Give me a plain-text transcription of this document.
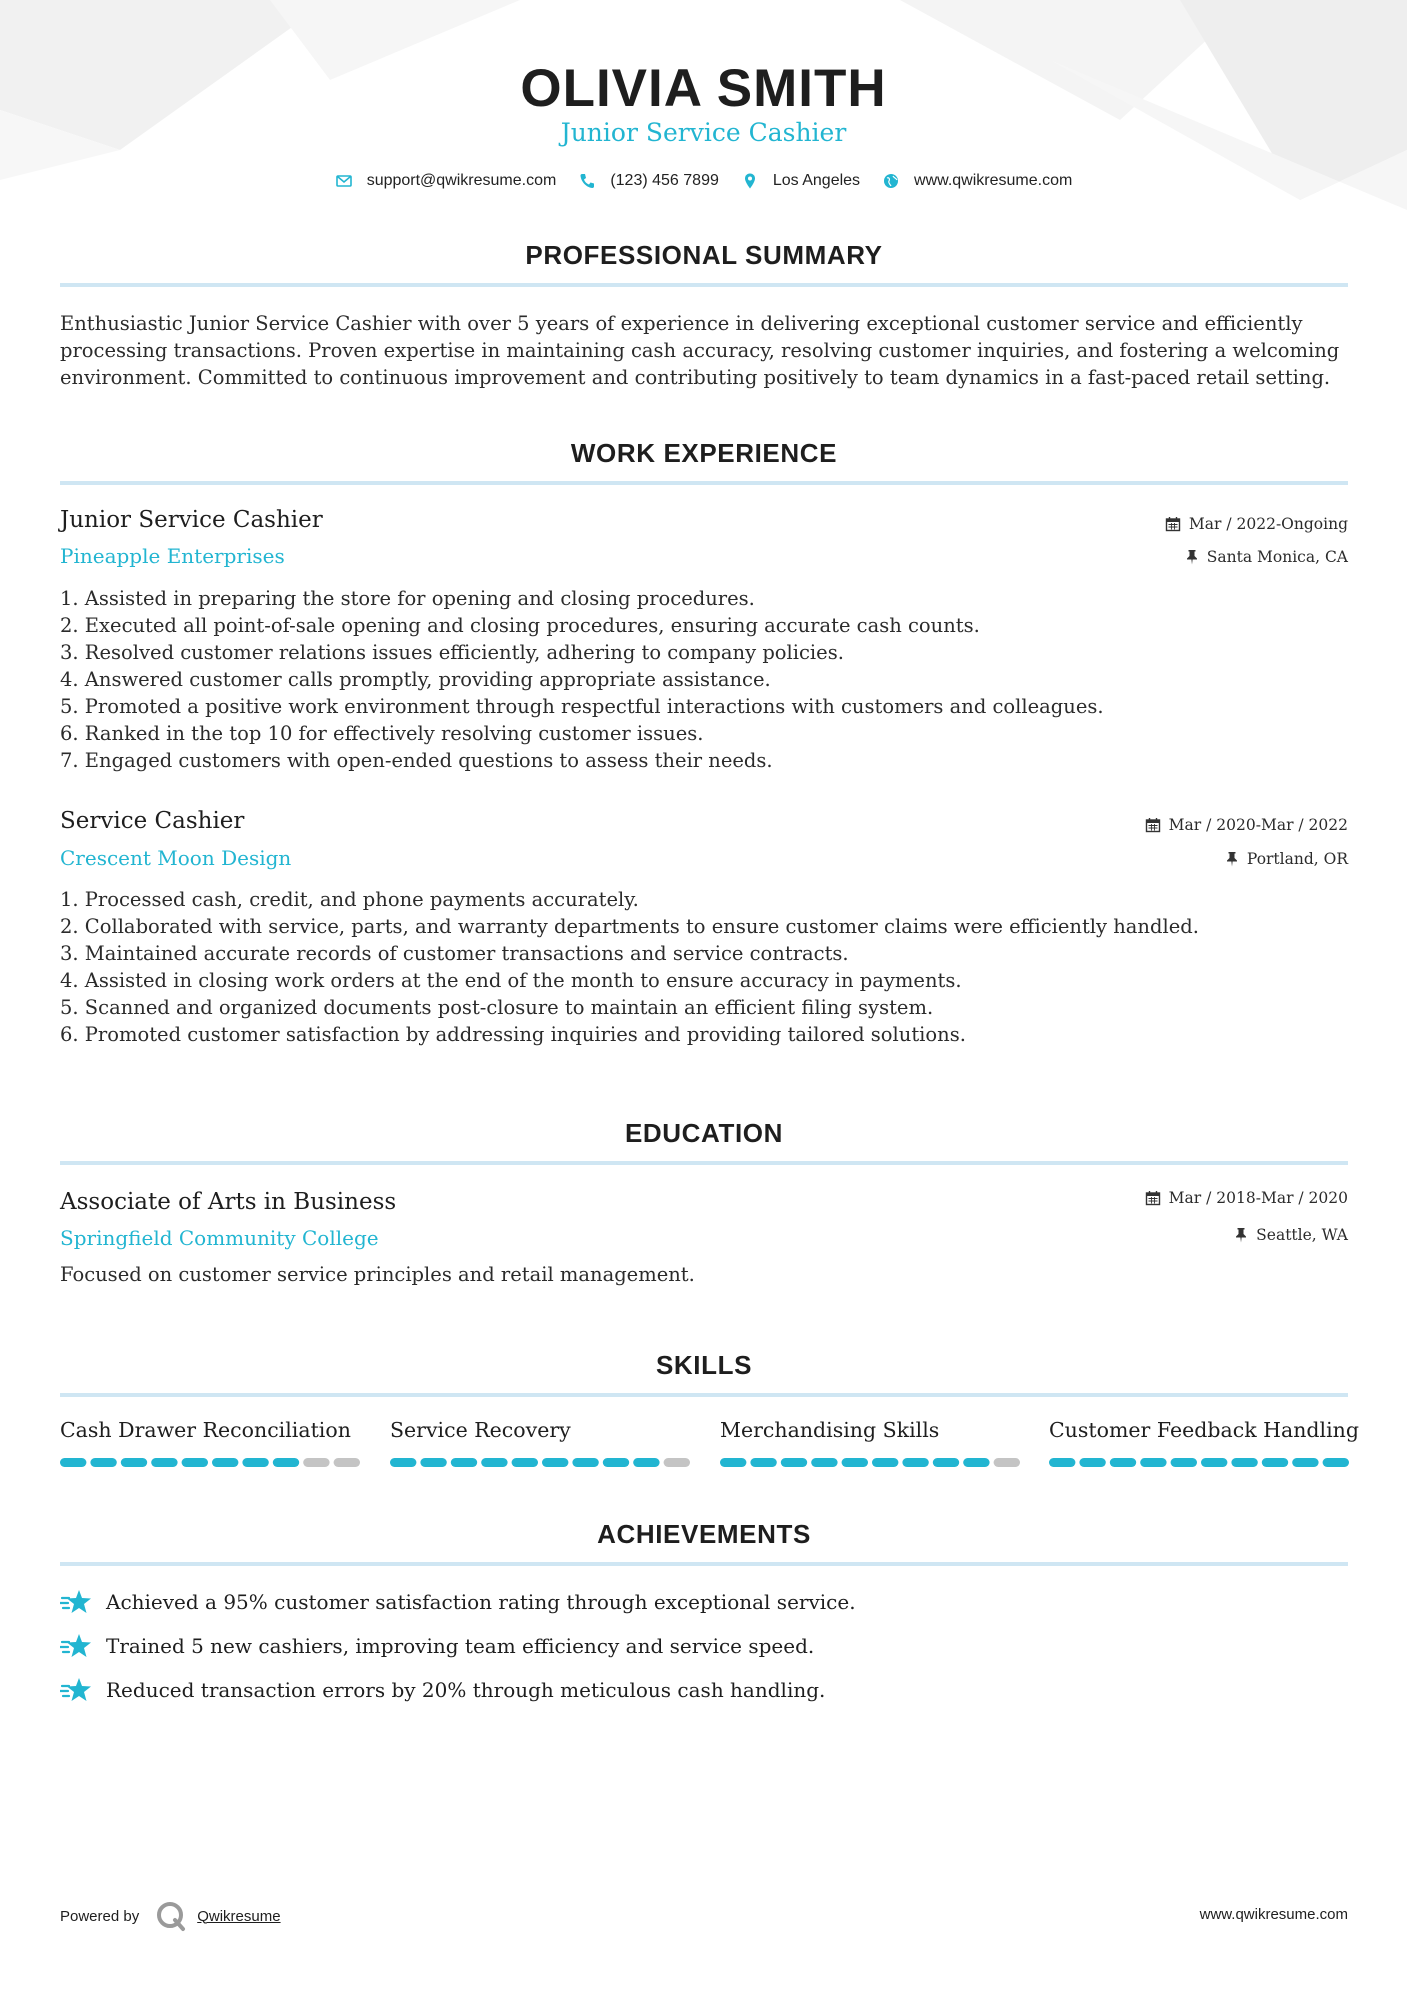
OLIVIA SMITH
Junior Service Cashier
support@qwikresume.com	(123) 456 7899	Los Angeles	www.qwikresume.com
PROFESSIONAL SUMMARY

Enthusiastic Junior Service Cashier with over 5 years of experience in delivering exceptional customer service and efficiently processing transactions. Proven expertise in maintaining cash accuracy, resolving customer inquiries, and fostering a welcoming environment. Committed to continuous improvement and contributing positively to team dynamics in a fast-paced retail setting.

WORK EXPERIENCE
Junior Service Cashier
Pineapple Enterprises
Mar / 2022-Ongoing
Santa Monica, CA
1. Assisted in preparing the store for opening and closing procedures.
2. Executed all point-of-sale opening and closing procedures, ensuring accurate cash counts.
3. Resolved customer relations issues efficiently, adhering to company policies.
4. Answered customer calls promptly, providing appropriate assistance.
5. Promoted a positive work environment through respectful interactions with customers and colleagues.
6. Ranked in the top 10 for effectively resolving customer issues.
7. Engaged customers with open-ended questions to assess their needs.
Service Cashier
Crescent Moon Design
Mar / 2020-Mar / 2022
Portland, OR
1. Processed cash, credit, and phone payments accurately.
2. Collaborated with service, parts, and warranty departments to ensure customer claims were efficiently handled.
3. Maintained accurate records of customer transactions and service contracts.
4. Assisted in closing work orders at the end of the month to ensure accuracy in payments.
5. Scanned and organized documents post-closure to maintain an efficient filing system.
6. Promoted customer satisfaction by addressing inquiries and providing tailored solutions.
EDUCATION
Associate of Arts in Business
Springfield Community College
Mar / 2018-Mar / 2020
Seattle, WA
Focused on customer service principles and retail management.
SKILLS
Cash Drawer Reconciliation	Service Recovery	Merchandising Skills	Customer Feedback Handling
ACHIEVEMENTS
Achieved a 95% customer satisfaction rating through exceptional service.
Trained 5 new cashiers, improving team efficiency and service speed.
Reduced transaction errors by 20% through meticulous cash handling.
Powered by	Qwikresume	www.qwikresume.com
